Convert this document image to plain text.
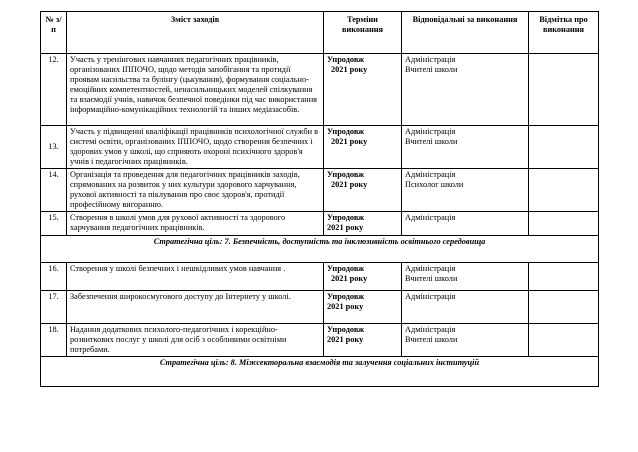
№ з/п	Зміст заходів	Терміни виконання	Відповідальні за виконання	Відмітка про виконання
12.	Участь у тренінгових навчаннях педагогічних працівників, організованих ІППОЧО, щодо методів запобігання та протидії проявам насильства та булінгу (цькування), формування соціально-емоційних компетентностей, ненасильницьких моделей спілкування та взаємодії учнів, навичок безпечної поведінки під час використання інформаційно-комунікаційних технологій та інших медіазасобів.	Упродовж
2021 року	Адміністрація
Вчителі школи	

13.	Участь у підвищенні кваліфікації працівників психологічної служби в системі освіти, організованих ІППОЧО, щодо створення безпечних і здорових умов у школі, що сприяють охороні психічного здоров'я учнів і педагогічних працівників.	Упродовж
2021 року	Адміністрація
Вчителі школи	

14.	Організація та проведення для педагогічних працівників заходів, спрямованих на розвиток у них культури здорового харчування, рухової активності та піклування про своє здоров'я, протидії професійному вигоранню.	Упродовж
2021 року	Адміністрація
Психолог школи	

15.	Створення в школі умов для рухової активності та здорового харчування педагогічних працівників.	Упродовж
2021 року	Адміністрація	

Стратегічна ціль: 7. Безпечність, доступність та інклюзивність освітнього середовища				
16.	Створення у школі безпечних і нешкідливих умов навчання .	Упродовж
2021 року	Адміністрація
Вчителі школи	

17.	Забезпечення широкосмугового доступу до Інтернету у школі.	Упродовж
2021 року	Адміністрація	

18.	Надання додаткових психолого-педагогічних і корекційно-розвиткових послуг у школі для осіб з особливими освітніми потребами.	Упродовж
2021 року	Адміністрація
Вчителі школи	

Стратегічна ціль: 8. Міжсекторальна взаємодія та залучення соціальних інституцій				
